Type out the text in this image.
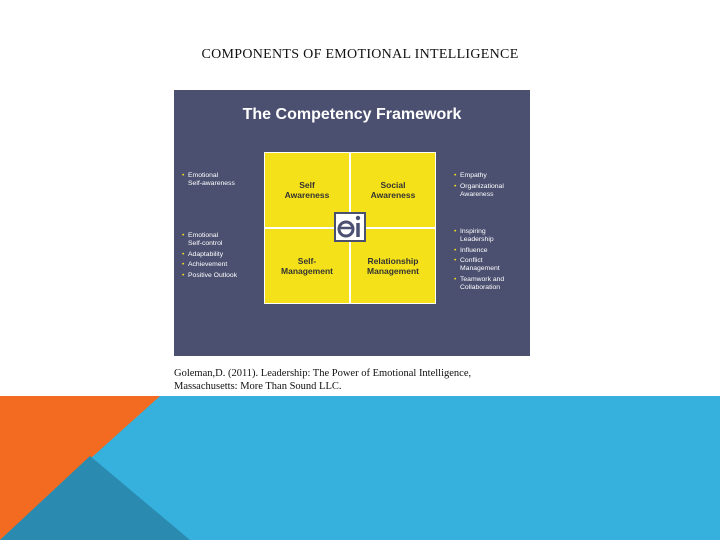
COMPONENTS OF EMOTIONAL INTELLIGENCE
The Competency Framework
• Emotional
Self-awareness
• Emotional
Self-control
• Adaptability
• Achievement
• Positive Outlook
Self
Awareness
Social
Awareness
Self-
Management
Relationship
Management
• Empathy
• Organizational
Awareness
• Inspiring
Leadership
• Influence
• Conflict
Management
• Teamwork and
Collaboration
Goleman,D. (2011). Leadership: The Power of Emotional Intelligence,
Massachusetts: More Than Sound LLC.
